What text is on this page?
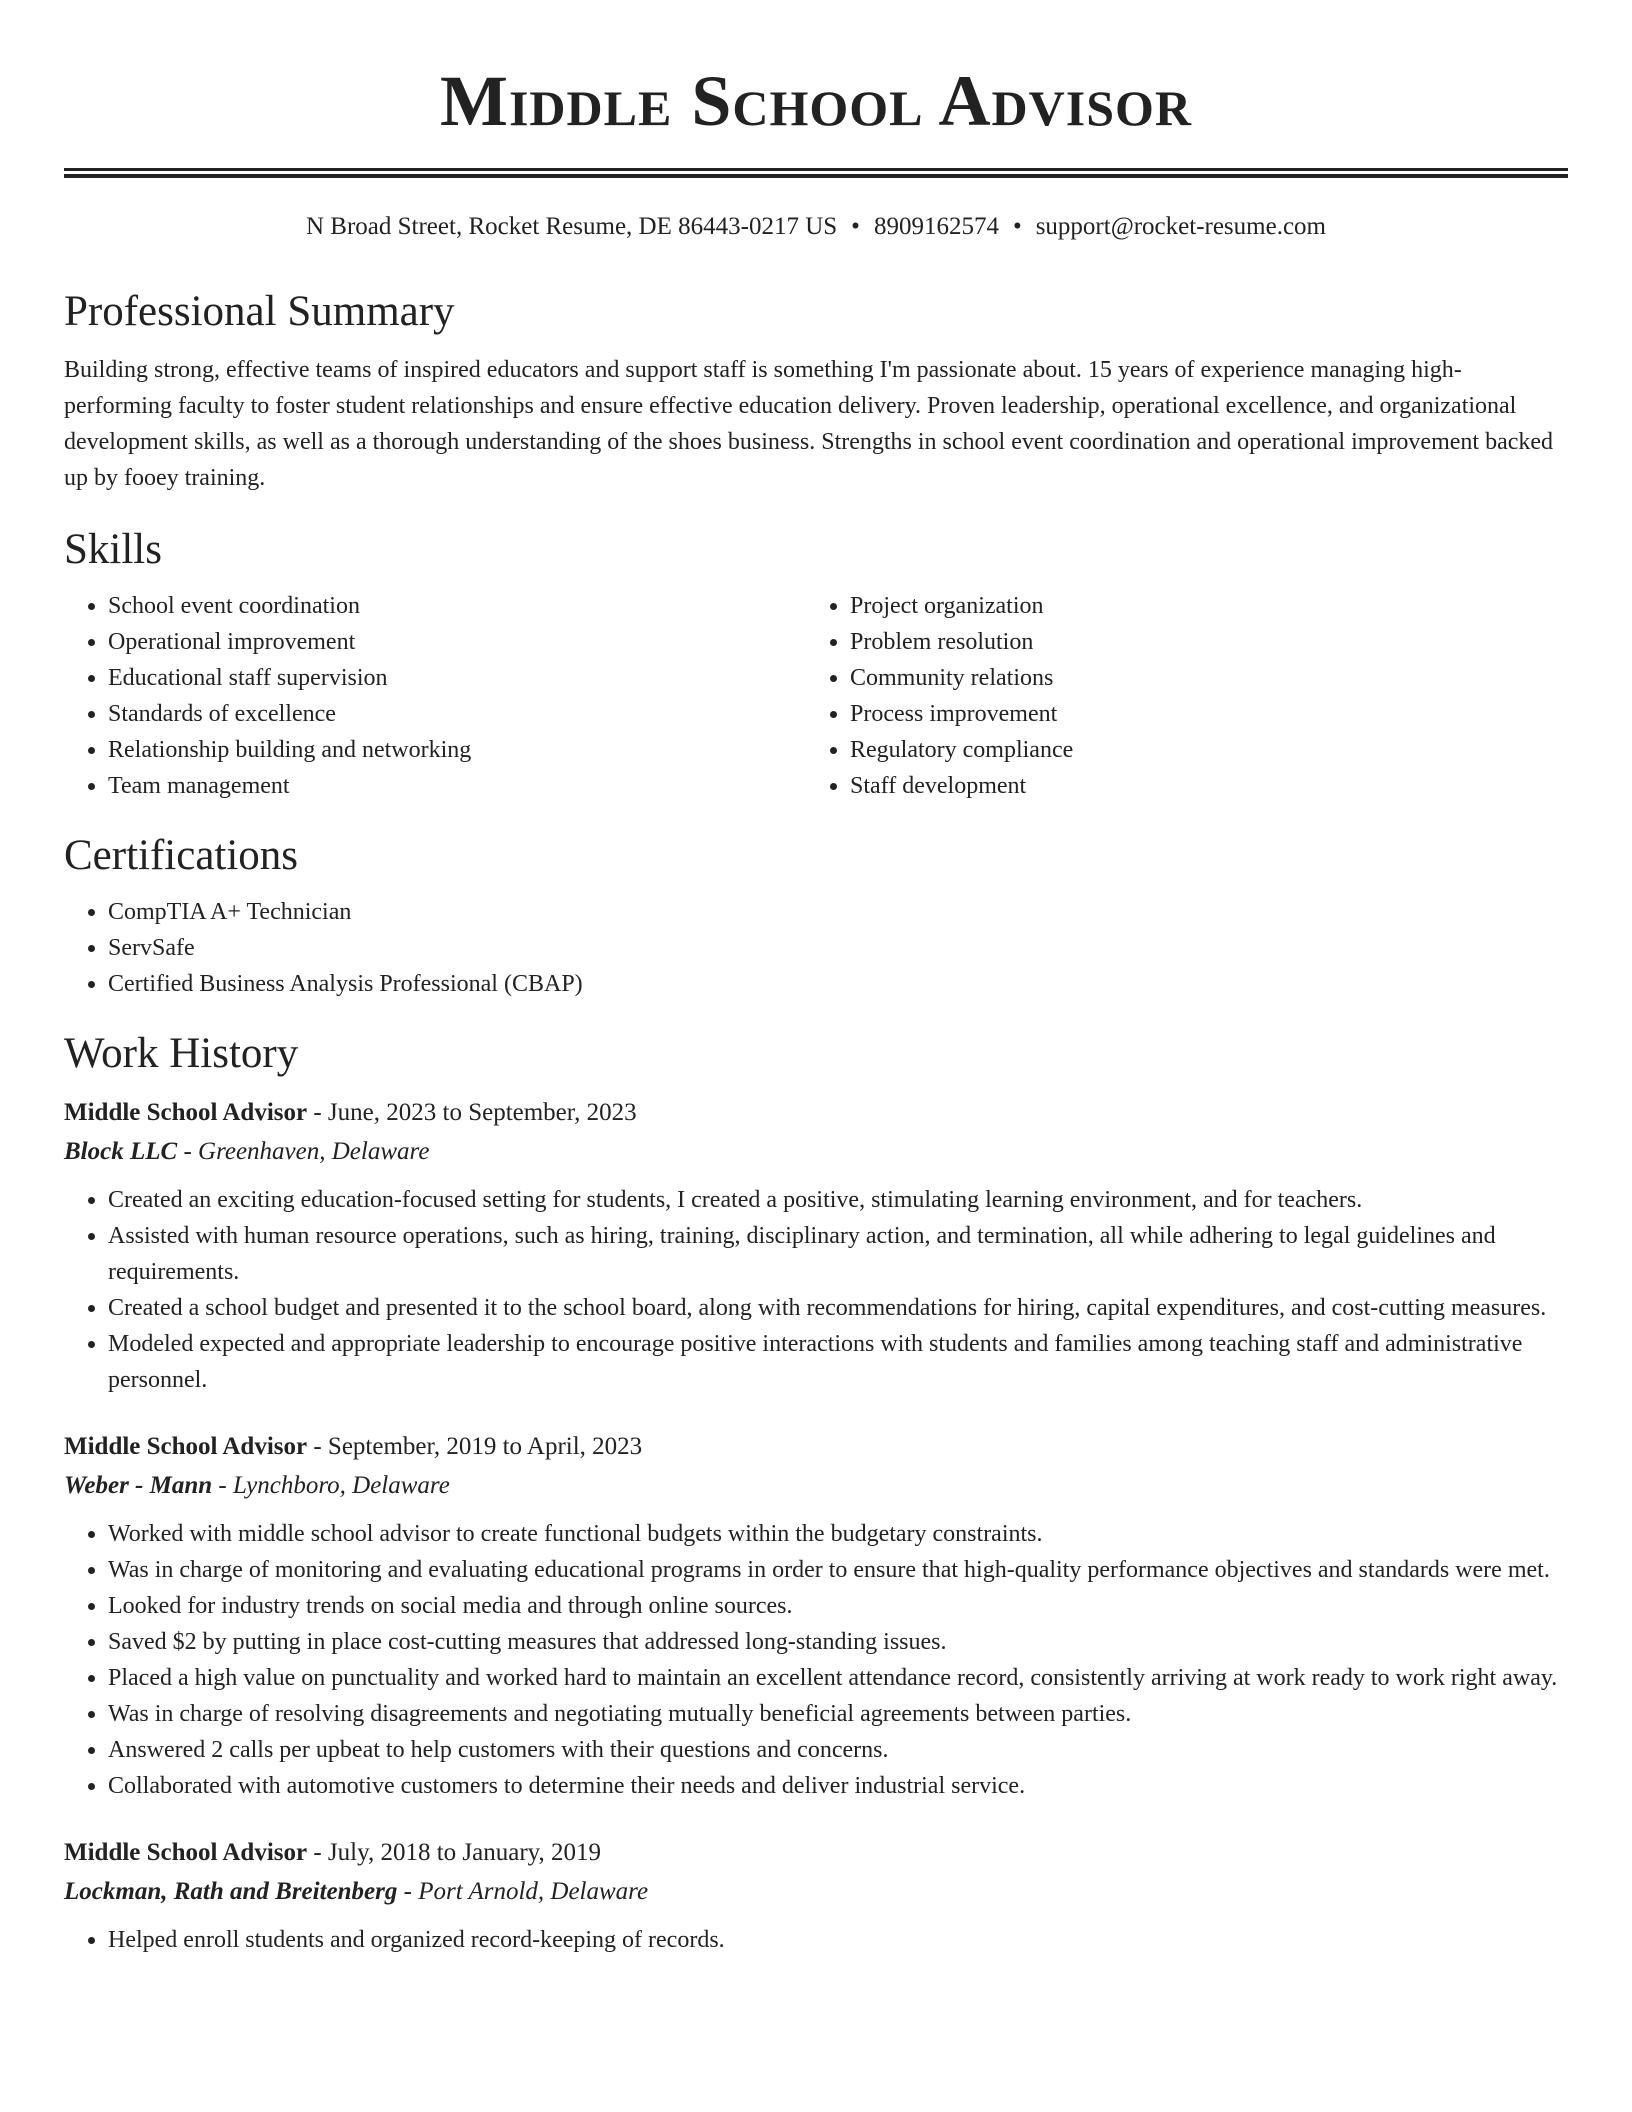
Middle School Advisor
N Broad Street, Rocket Resume, DE 86443-0217 US • 8909162574 • support@rocket-resume.com
Professional Summary

Building strong, effective teams of inspired educators and support staff is something I'm passionate about. 15 years of experience managing high-performing faculty to foster student relationships and ensure effective education delivery. Proven leadership, operational excellence, and organizational development skills, as well as a thorough understanding of the shoes business. Strengths in school event coordination and operational improvement backed up by fooey training.

Skills
• School event coordination
• Operational improvement
• Educational staff supervision
• Standards of excellence
• Relationship building and networking
• Team management
• Project organization
• Problem resolution
• Community relations
• Process improvement
• Regulatory compliance
• Staff development
Certifications
• CompTIA A+ Technician
• ServSafe
• Certified Business Analysis Professional (CBAP)
Work History
Middle School Advisor - June, 2023 to September, 2023
Block LLC - Greenhaven, Delaware
• Created an exciting education-focused setting for students, I created a positive, stimulating learning environment, and for teachers.
• Assisted with human resource operations, such as hiring, training, disciplinary action, and termination, all while adhering to legal guidelines and requirements.
• Created a school budget and presented it to the school board, along with recommendations for hiring, capital expenditures, and cost-cutting measures.
• Modeled expected and appropriate leadership to encourage positive interactions with students and families among teaching staff and administrative personnel.
Middle School Advisor - September, 2019 to April, 2023
Weber - Mann - Lynchboro, Delaware
• Worked with middle school advisor to create functional budgets within the budgetary constraints.
• Was in charge of monitoring and evaluating educational programs in order to ensure that high-quality performance objectives and standards were met.
• Looked for industry trends on social media and through online sources.
• Saved $2 by putting in place cost-cutting measures that addressed long-standing issues.
• Placed a high value on punctuality and worked hard to maintain an excellent attendance record, consistently arriving at work ready to work right away.
• Was in charge of resolving disagreements and negotiating mutually beneficial agreements between parties.
• Answered 2 calls per upbeat to help customers with their questions and concerns.
• Collaborated with automotive customers to determine their needs and deliver industrial service.
Middle School Advisor - July, 2018 to January, 2019
Lockman, Rath and Breitenberg - Port Arnold, Delaware
• Helped enroll students and organized record-keeping of records.
